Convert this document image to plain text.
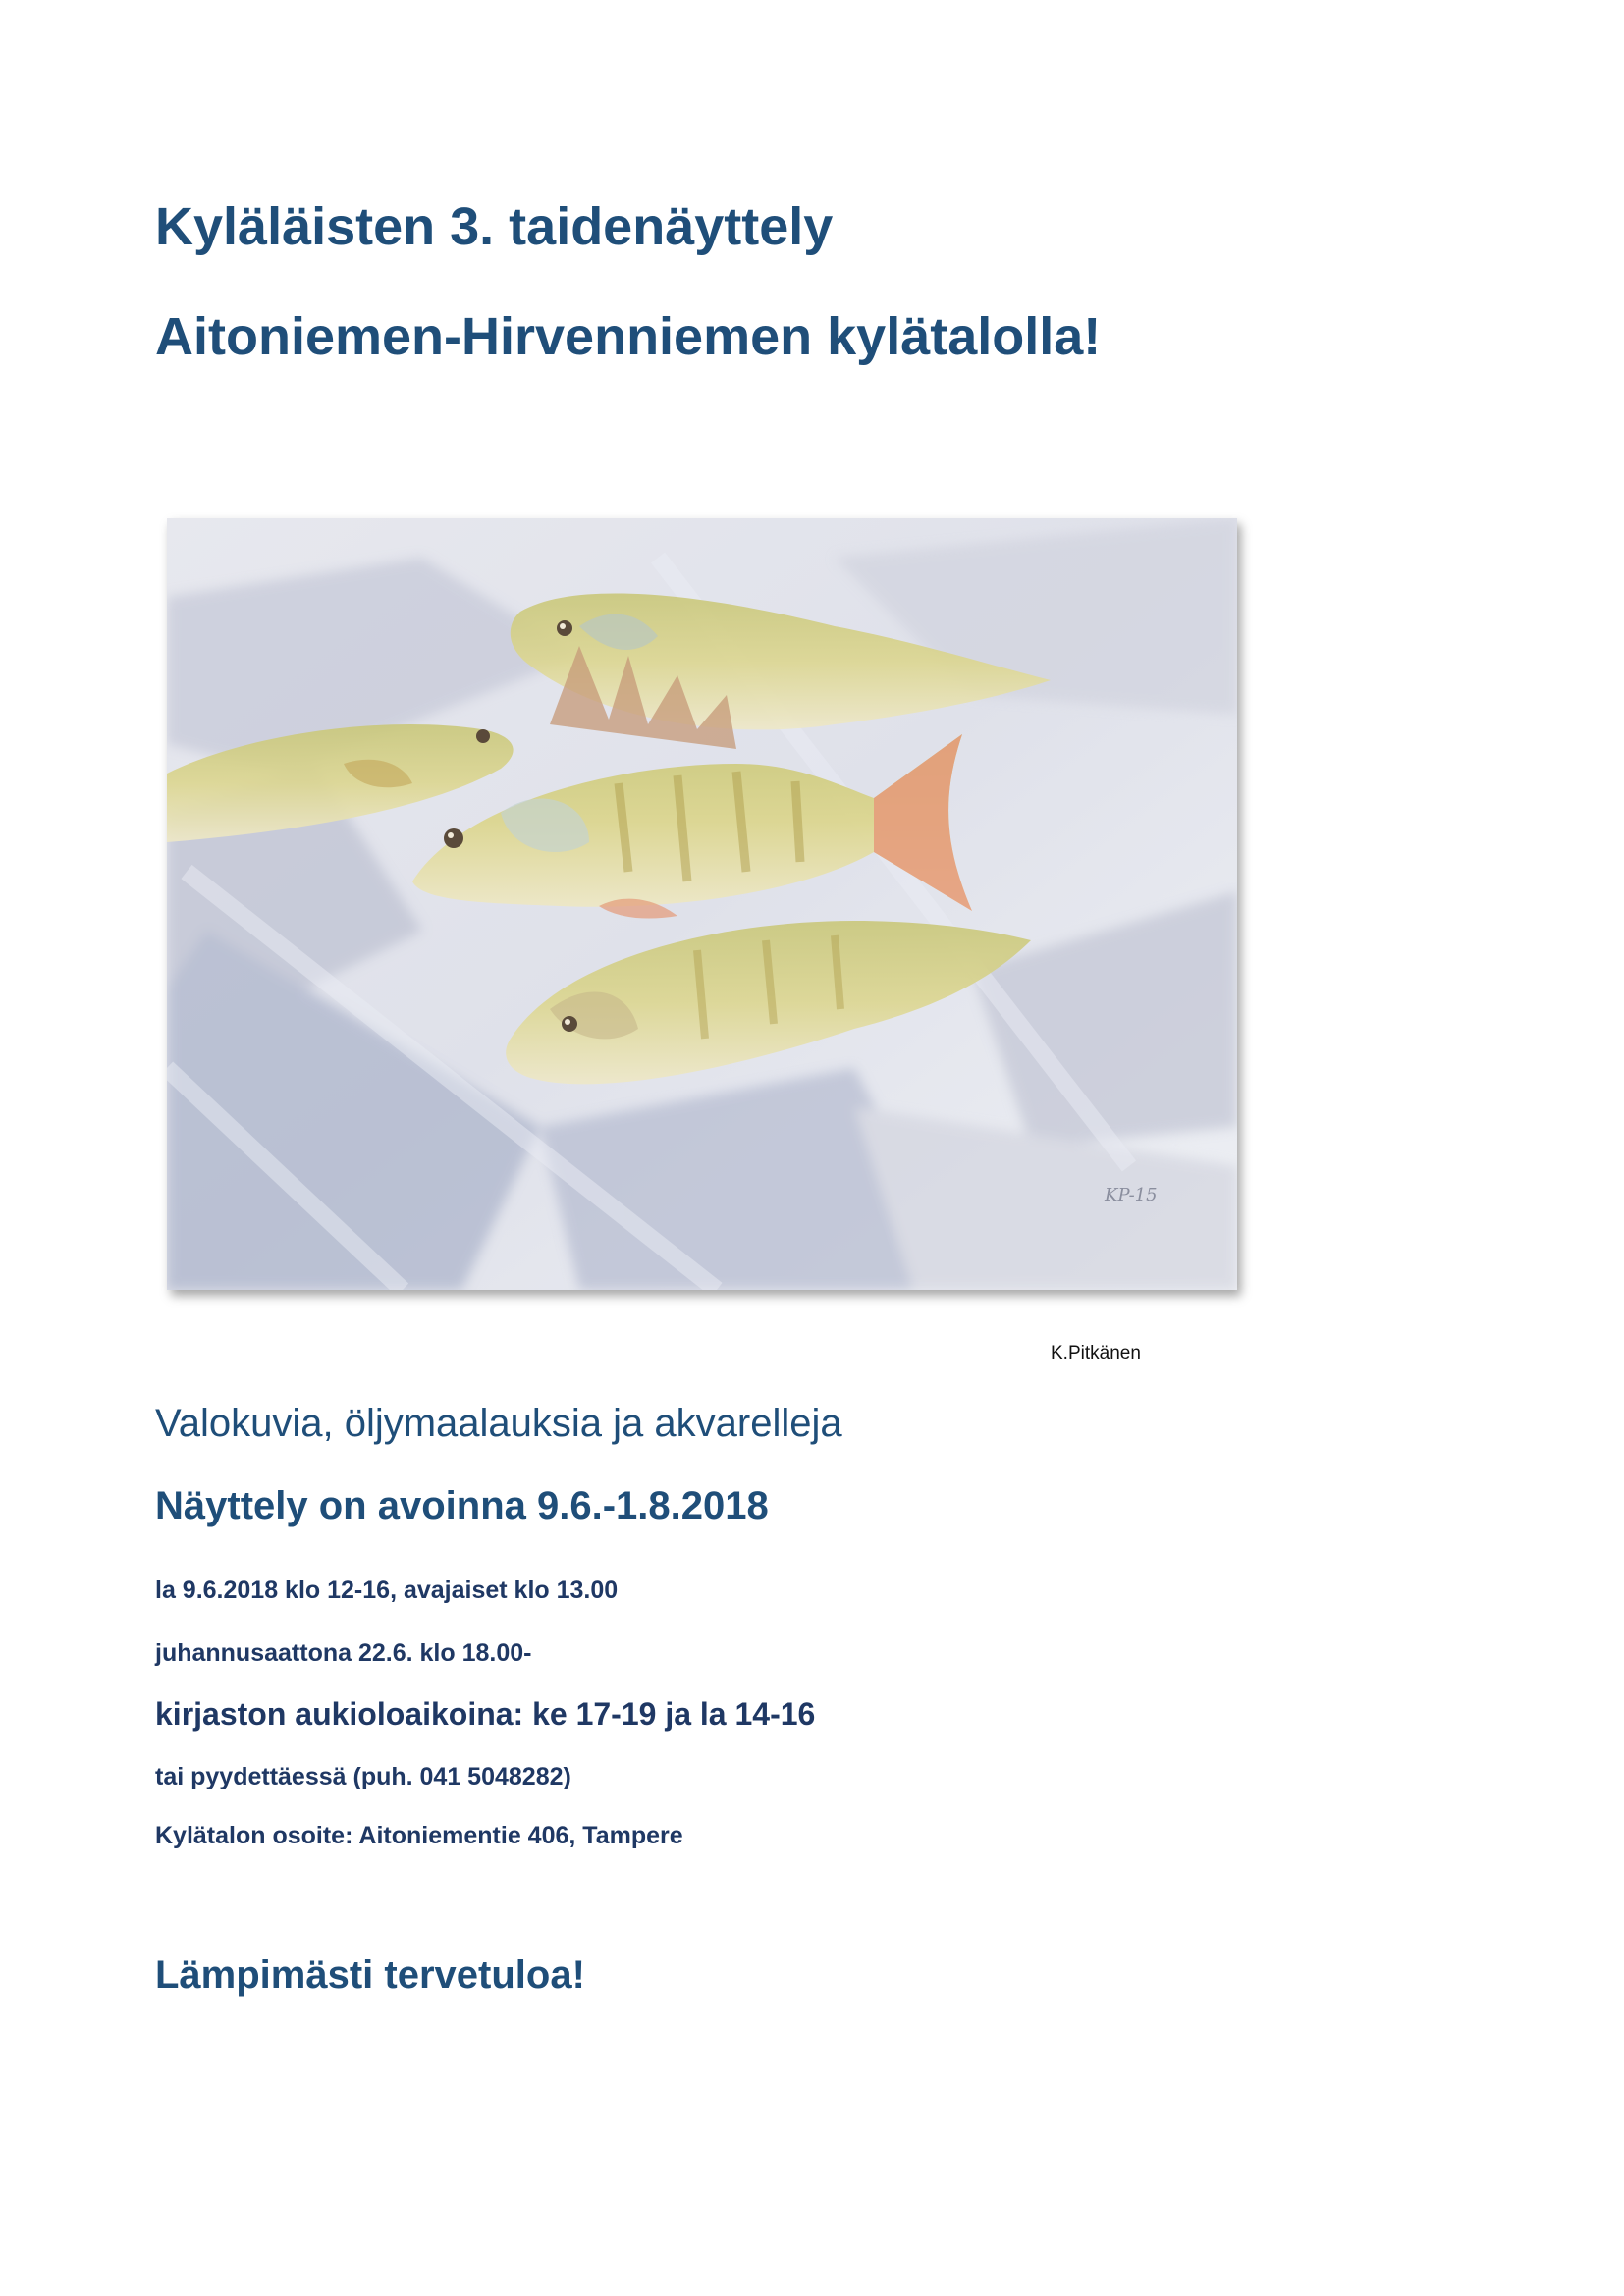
Kyläläisten 3. taidenäyttely
Aitoniemen-Hirvenniemen kylätalolla!
KP-15
K.Pitkänen
Valokuvia, öljymaalauksia ja akvarelleja
Näyttely on avoinna 9.6.-1.8.2018
la 9.6.2018 klo 12-16, avajaiset klo 13.00
juhannusaattona 22.6. klo 18.00-
kirjaston aukioloaikoina: ke 17-19 ja la 14-16
tai pyydettäessä (puh. 041 5048282)
Kylätalon osoite: Aitoniementie 406, Tampere
Lämpimästi tervetuloa!
